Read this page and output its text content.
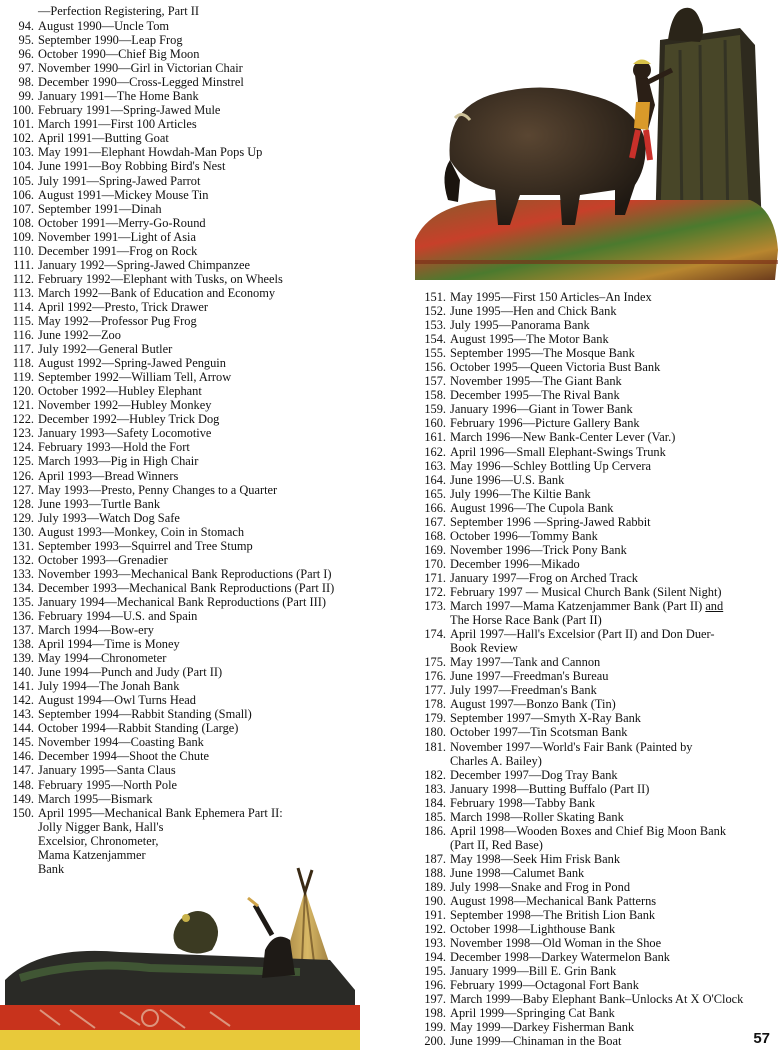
—Perfection Registering, Part II
94. August 1990—Uncle Tom
95. September 1990—Leap Frog
96. October 1990—Chief Big Moon
97. November 1990—Girl in Victorian Chair
98. December 1990—Cross-Legged Minstrel
99. January 1991—The Home Bank
100. February 1991—Spring-Jawed Mule
101. March 1991—First 100 Articles
102. April 1991—Butting Goat
103. May 1991—Elephant Howdah-Man Pops Up
104. June 1991—Boy Robbing Bird's Nest
105. July 1991—Spring-Jawed Parrot
106. August 1991—Mickey Mouse Tin
107. September 1991—Dinah
108. October 1991—Merry-Go-Round
109. November 1991—Light of Asia
110. December 1991—Frog on Rock
111. January 1992—Spring-Jawed Chimpanzee
112. February 1992—Elephant with Tusks, on Wheels
113. March 1992—Bank of Education and Economy
114. April 1992—Presto, Trick Drawer
115. May 1992—Professor Pug Frog
116. June 1992—Zoo
117. July 1992—General Butler
118. August 1992—Spring-Jawed Penguin
119. September 1992—William Tell, Arrow
120. October 1992—Hubley Elephant
121. November 1992—Hubley Monkey
122. December 1992—Hubley Trick Dog
123. January 1993—Safety Locomotive
124. February 1993—Hold the Fort
125. March 1993—Pig in High Chair
126. April 1993—Bread Winners
127. May 1993—Presto, Penny Changes to a Quarter
128. June 1993—Turtle Bank
129. July 1993—Watch Dog Safe
130. August 1993—Monkey, Coin in Stomach
131. September 1993—Squirrel and Tree Stump
132. October 1993—Grenadier
133. November 1993—Mechanical Bank Reproductions (Part I)
134. December 1993—Mechanical Bank Reproductions (Part II)
135. January 1994—Mechanical Bank Reproductions (Part III)
136. February 1994—U.S. and Spain
137. March 1994—Bow-ery
138. April 1994—Time is Money
139. May 1994—Chronometer
140. June 1994—Punch and Judy (Part II)
141. July 1994—The Jonah Bank
142. August 1994—Owl Turns Head
143. September 1994—Rabbit Standing (Small)
144. October 1994—Rabbit Standing (Large)
145. November 1994—Coasting Bank
146. December 1994—Shoot the Chute
147. January 1995—Santa Claus
148. February 1995—North Pole
149. March 1995—Bismark
150. April 1995—Mechanical Bank Ephemera Part II:
Jolly Nigger Bank, Hall's
Excelsior, Chronometer,
Mama Katzenjammer
Bank
151. May 1995—First 150 Articles–An Index
152. June 1995—Hen and Chick Bank
153. July 1995—Panorama Bank
154. August 1995—The Motor Bank
155. September 1995—The Mosque Bank
156. October 1995—Queen Victoria Bust Bank
157. November 1995—The Giant Bank
158. December 1995—The Rival Bank
159. January 1996—Giant in Tower Bank
160. February 1996—Picture Gallery Bank
161. March 1996—New Bank-Center Lever (Var.)
162. April 1996—Small Elephant-Swings Trunk
163. May 1996—Schley Bottling Up Cervera
164. June 1996—U.S. Bank
165. July 1996—The Kiltie Bank
166. August 1996—The Cupola Bank
167. September 1996 —Spring-Jawed Rabbit
168. October 1996—Tommy Bank
169. November 1996—Trick Pony Bank
170. December 1996—Mikado
171. January 1997—Frog on Arched Track
172. February 1997 — Musical Church Bank (Silent Night)
173. March 1997—Mama Katzenjammer Bank (Part II) and
The Horse Race Bank (Part II)
174. April 1997—Hall's Excelsior (Part II) and Don Duer-
Book Review
175. May 1997—Tank and Cannon
176. June 1997—Freedman's Bureau
177. July 1997—Freedman's Bank
178. August 1997—Bonzo Bank (Tin)
179. September 1997—Smyth X-Ray Bank
180. October 1997—Tin Scotsman Bank
181. November 1997—World's Fair Bank (Painted by
Charles A. Bailey)
182. December 1997—Dog Tray Bank
183. January 1998—Butting Buffalo (Part II)
184. February 1998—Tabby Bank
185. March 1998—Roller Skating Bank
186. April 1998—Wooden Boxes and Chief Big Moon Bank
(Part II, Red Base)
187. May 1998—Seek Him Frisk Bank
188. June 1998—Calumet Bank
189. July 1998—Snake and Frog in Pond
190. August 1998—Mechanical Bank Patterns
191. September 1998—The British Lion Bank
192. October 1998—Lighthouse Bank
193. November 1998—Old Woman in the Shoe
194. December 1998—Darkey Watermelon Bank
195. January 1999—Bill E. Grin Bank
196. February 1999—Octagonal Fort Bank
197. March 1999—Baby Elephant Bank–Unlocks At X O'Clock
198. April 1999—Springing Cat Bank
199. May 1999—Darkey Fisherman Bank
200. June 1999—Chinaman in the Boat	57
